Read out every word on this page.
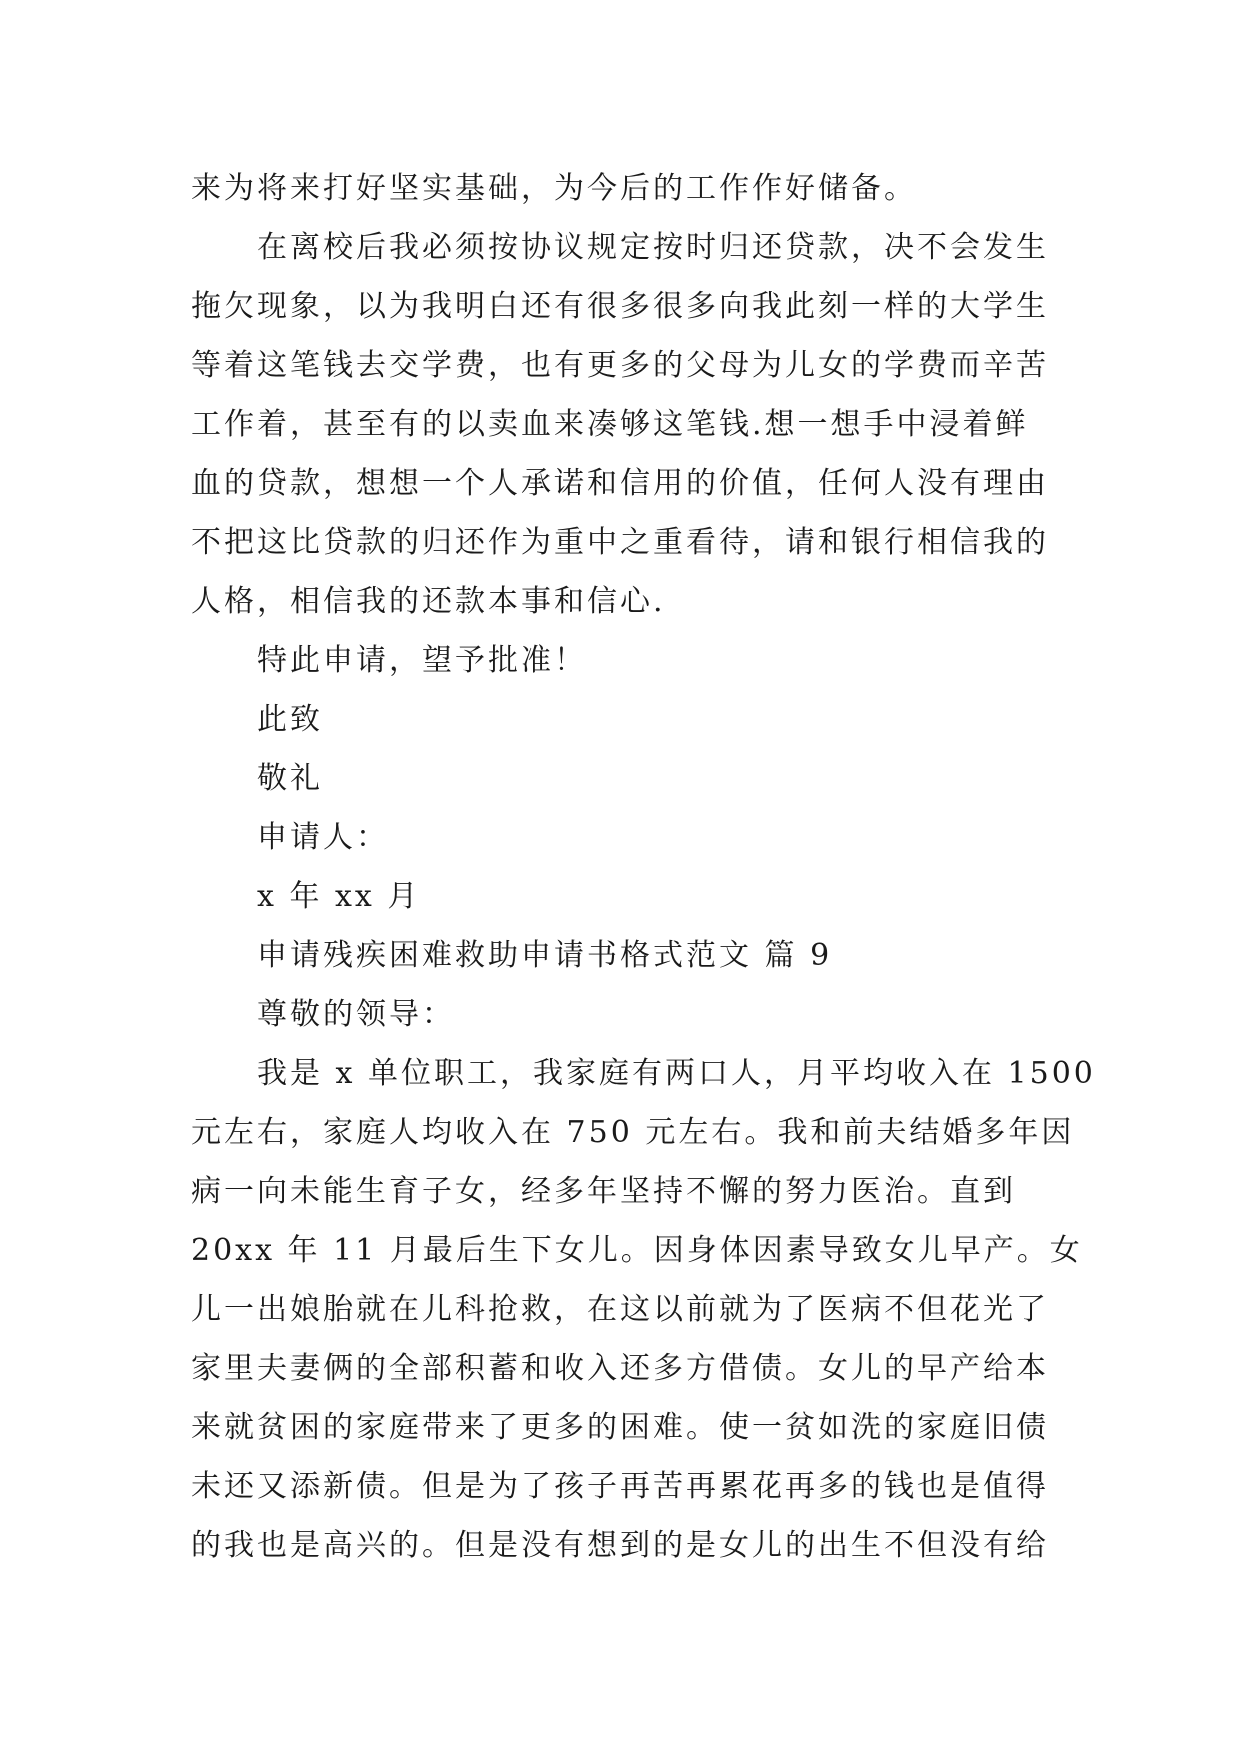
来为将来打好坚实基础，为今后的工作作好储备。
在离校后我必须按协议规定按时归还贷款，决不会发生
拖欠现象，以为我明白还有很多很多向我此刻一样的大学生
等着这笔钱去交学费，也有更多的父母为儿女的学费而辛苦
工作着，甚至有的以卖血来凑够这笔钱.想一想手中浸着鲜
血的贷款，想想一个人承诺和信用的价值，任何人没有理由
不把这比贷款的归还作为重中之重看待，请和银行相信我的
人格，相信我的还款本事和信心.
特此申请，望予批准！
此致
敬礼
申请人：
x 年 xx 月
申请残疾困难救助申请书格式范文 篇 9
尊敬的领导：
我是 x 单位职工，我家庭有两口人，月平均收入在 1500
元左右，家庭人均收入在 750 元左右。我和前夫结婚多年因
病一向未能生育子女，经多年坚持不懈的努力医治。直到
20xx 年 11 月最后生下女儿。因身体因素导致女儿早产。女
儿一出娘胎就在儿科抢救，在这以前就为了医病不但花光了
家里夫妻俩的全部积蓄和收入还多方借债。女儿的早产给本
来就贫困的家庭带来了更多的困难。使一贫如洗的家庭旧债
未还又添新债。但是为了孩子再苦再累花再多的钱也是值得
的我也是高兴的。但是没有想到的是女儿的出生不但没有给
